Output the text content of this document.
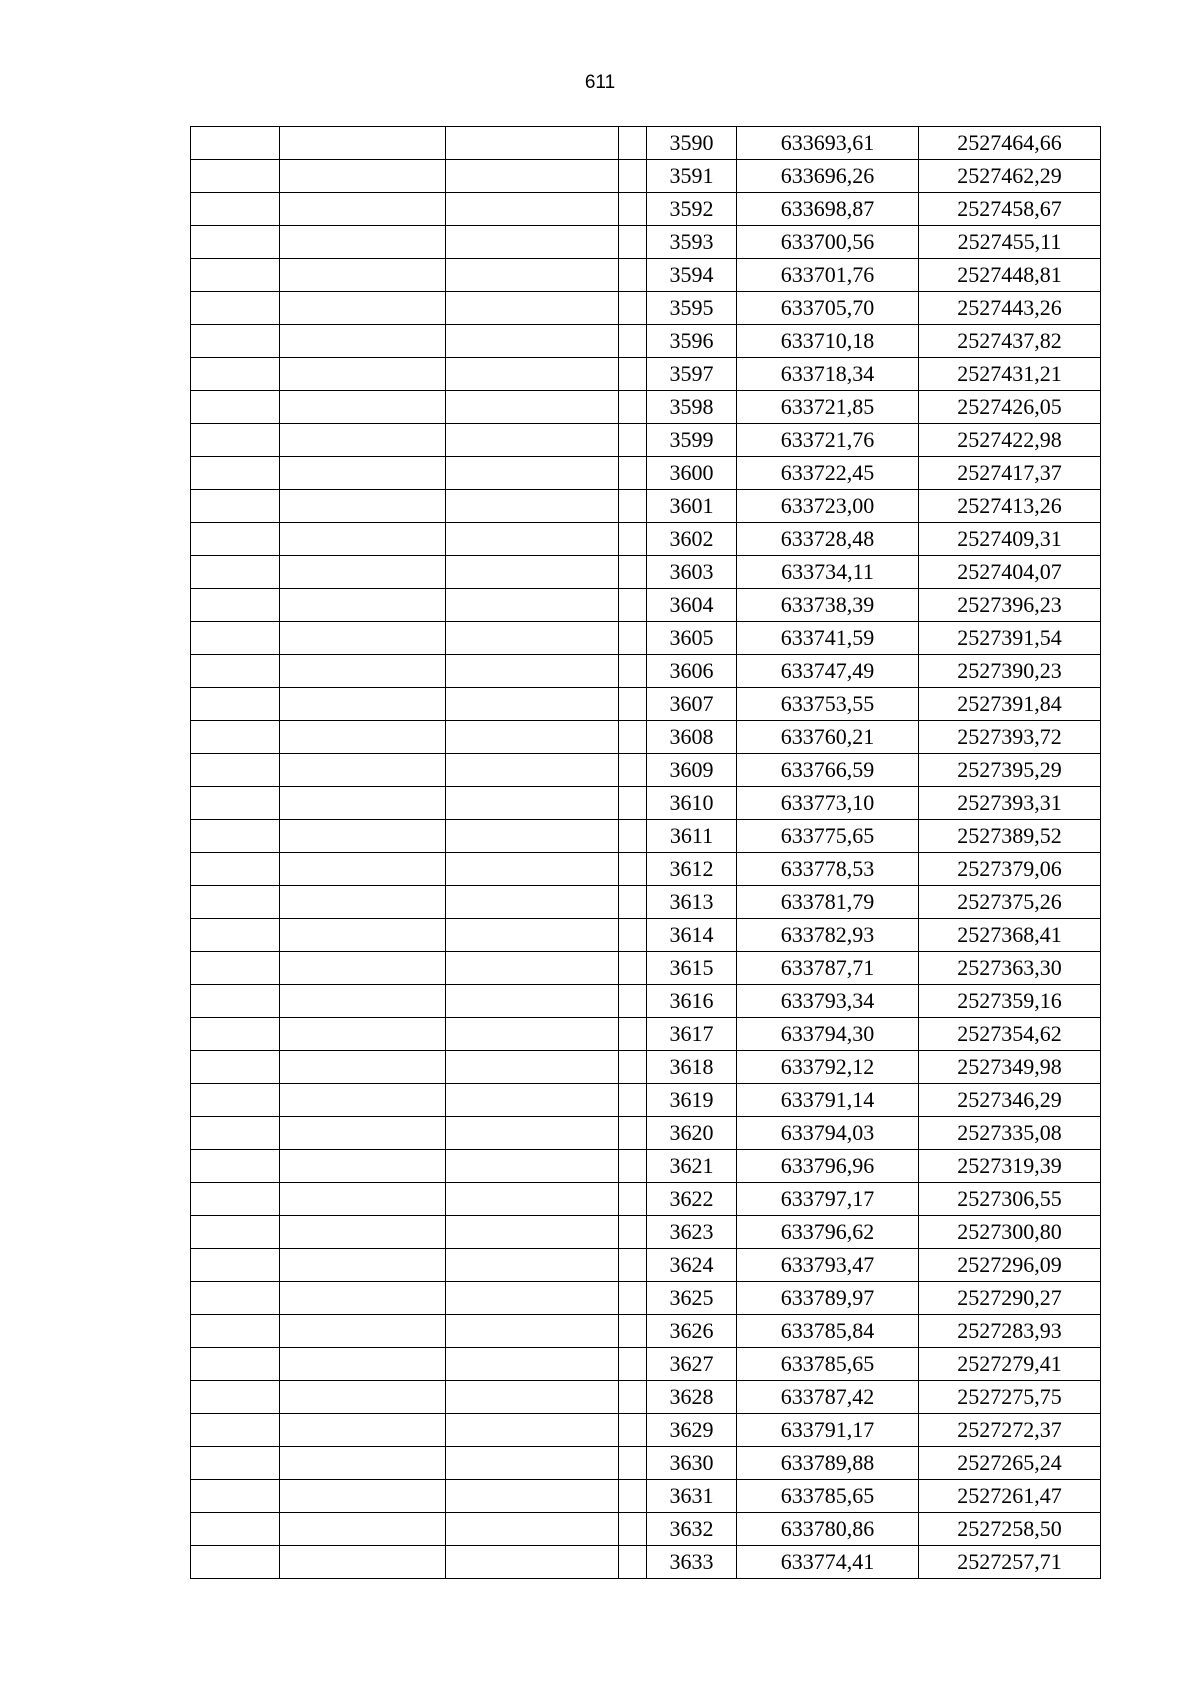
611
				3590	633693,61	2527464,66
				3591	633696,26	2527462,29
				3592	633698,87	2527458,67
				3593	633700,56	2527455,11
				3594	633701,76	2527448,81
				3595	633705,70	2527443,26
				3596	633710,18	2527437,82
				3597	633718,34	2527431,21
				3598	633721,85	2527426,05
				3599	633721,76	2527422,98
				3600	633722,45	2527417,37
				3601	633723,00	2527413,26
				3602	633728,48	2527409,31
				3603	633734,11	2527404,07
				3604	633738,39	2527396,23
				3605	633741,59	2527391,54
				3606	633747,49	2527390,23
				3607	633753,55	2527391,84
				3608	633760,21	2527393,72
				3609	633766,59	2527395,29
				3610	633773,10	2527393,31
				3611	633775,65	2527389,52
				3612	633778,53	2527379,06
				3613	633781,79	2527375,26
				3614	633782,93	2527368,41
				3615	633787,71	2527363,30
				3616	633793,34	2527359,16
				3617	633794,30	2527354,62
				3618	633792,12	2527349,98
				3619	633791,14	2527346,29
				3620	633794,03	2527335,08
				3621	633796,96	2527319,39
				3622	633797,17	2527306,55
				3623	633796,62	2527300,80
				3624	633793,47	2527296,09
				3625	633789,97	2527290,27
				3626	633785,84	2527283,93
				3627	633785,65	2527279,41
				3628	633787,42	2527275,75
				3629	633791,17	2527272,37
				3630	633789,88	2527265,24
				3631	633785,65	2527261,47
				3632	633780,86	2527258,50
				3633	633774,41	2527257,71
